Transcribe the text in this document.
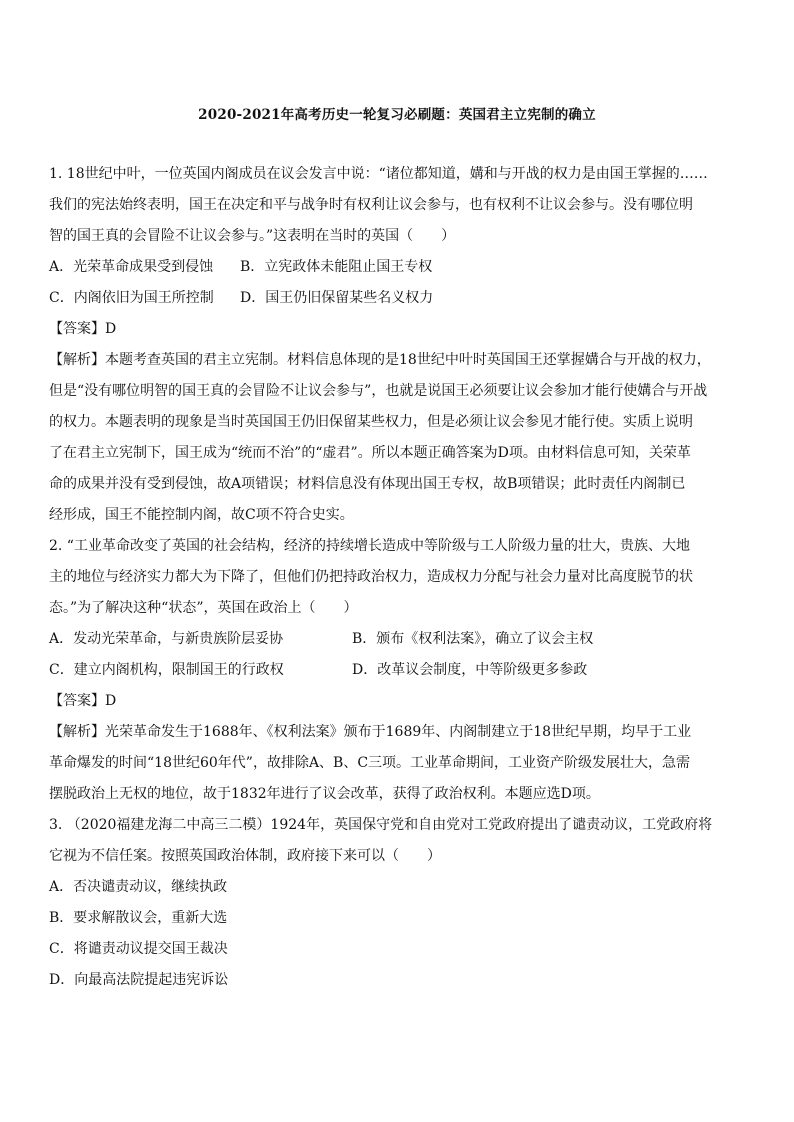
2020-2021年高考历史一轮复习必刷题：英国君主立宪制的确立

1. 18世纪中叶，一位英国内阁成员在议会发言中说：“诸位都知道，媾和与开战的权力是由国王掌握的……

我们的宪法始终表明，国王在决定和平与战争时有权利让议会参与，也有权利不让议会参与。没有哪位明

智的国王真的会冒险不让议会参与。”这表明在当时的英国（　　）

A．光荣革命成果受到侵蚀	B．立宪政体未能阻止国王专权
C．内阁依旧为国王所控制	D．国王仍旧保留某些名义权力

【答案】D

【解析】本题考查英国的君主立宪制。材料信息体现的是18世纪中叶时英国国王还掌握媾合与开战的权力，

但是“没有哪位明智的国王真的会冒险不让议会参与”，也就是说国王必须要让议会参加才能行使媾合与开战

的权力。本题表明的现象是当时英国国王仍旧保留某些权力，但是必须让议会参见才能行使。实质上说明

了在君主立宪制下，国王成为“统而不治”的“虚君”。所以本题正确答案为D项。由材料信息可知，关荣革

命的成果并没有受到侵蚀，故A项错误；材料信息没有体现出国王专权，故B项错误；此时责任内阁制已

经形成，国王不能控制内阁，故C项不符合史实。

2. “工业革命改变了英国的社会结构，经济的持续增长造成中等阶级与工人阶级力量的壮大，贵族、大地

主的地位与经济实力都大为下降了，但他们仍把持政治权力，造成权力分配与社会力量对比高度脱节的状

态。”为了解决这种“状态”，英国在政治上（　　）

A．发动光荣革命，与新贵族阶层妥协	B．颁布《权利法案》，确立了议会主权
C．建立内阁机构，限制国王的行政权	D．改革议会制度，中等阶级更多参政

【答案】D

【解析】光荣革命发生于1688年、《权利法案》颁布于1689年、内阁制建立于18世纪早期，均早于工业

革命爆发的时间“18世纪60年代”，故排除A、B、C三项。工业革命期间，工业资产阶级发展壮大，急需

摆脱政治上无权的地位，故于1832年进行了议会改革，获得了政治权利。本题应选D项。

3. （2020福建龙海二中高三二模）1924年，英国保守党和自由党对工党政府提出了谴责动议，工党政府将

它视为不信任案。按照英国政治体制，政府接下来可以（　　）

A．否决谴责动议，继续执政

B．要求解散议会，重新大选

C．将谴责动议提交国王裁决

D．向最高法院提起违宪诉讼
